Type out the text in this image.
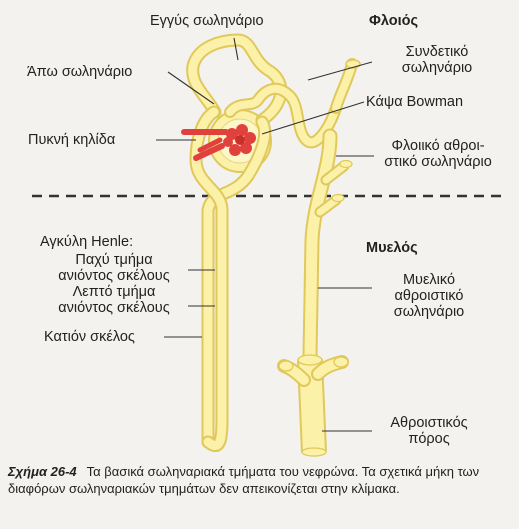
Εγγύς σωληνάριο	Φλοιός
Συνδετικό
σωληνάριο
Άπω σωληνάριο
Κάψα Bowman
Πυκνή κηλίδα	Φλοιικό αθροι-
στικό σωληνάριο
Αγκύλη Henle:	Μυελός
Παχύ τμήμα
ανιόντος σκέλους	Μυελικό
αθροιστικό
σωληνάριο
Λεπτό τμήμα
ανιόντος σκέλους
Κατιόν σκέλος
Αθροιστικός
πόρος
Σχήμα 26-4 Τα βασικά σωληναριακά τμήματα του νεφρώνα. Τα σχετικά μήκη των διαφόρων σωληναριακών τμημάτων δεν απεικονίζεται στην κλίμακα.
